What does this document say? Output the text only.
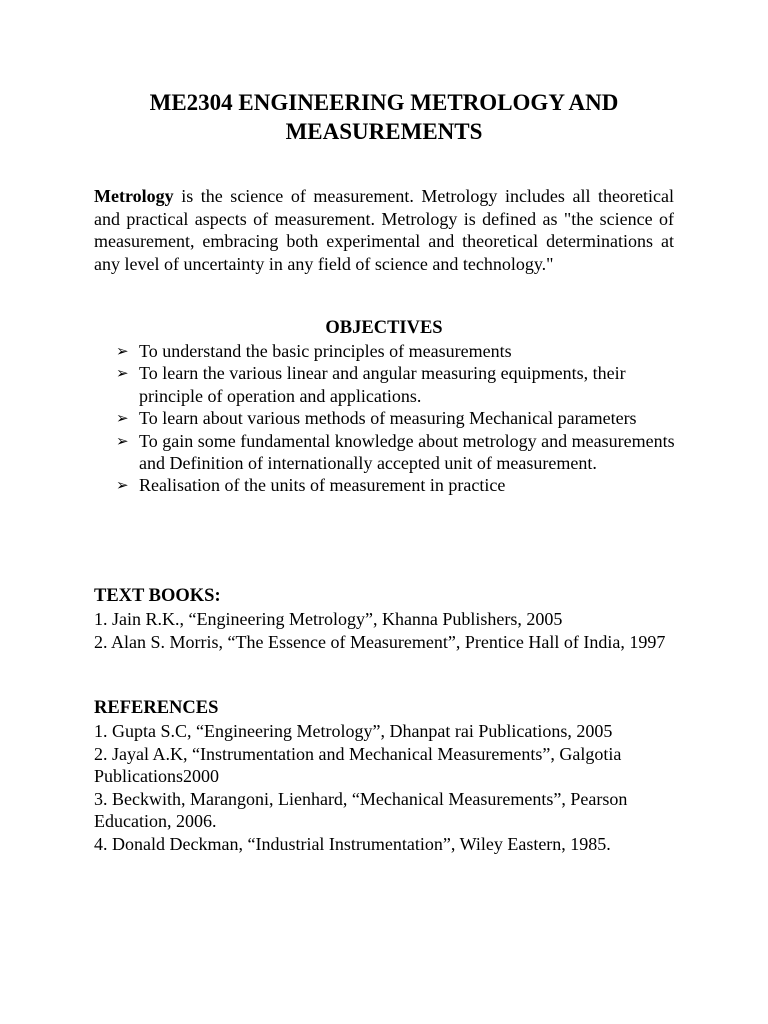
ME2304 ENGINEERING METROLOGY AND
MEASUREMENTS

Metrology is the science of measurement. Metrology includes all theoretical and practical aspects of measurement. Metrology is defined as "the science of measurement, embracing both experimental and theoretical determinations at any level of uncertainty in any field of science and technology."

OBJECTIVES
➢ To understand the basic principles of measurements
➢ To learn the various linear and angular measuring equipments, their principle of operation and applications.
➢ To learn about various methods of measuring Mechanical parameters
➢ To gain some fundamental knowledge about metrology and measurements and Definition of internationally accepted unit of measurement.
➢ Realisation of the units of measurement in practice
TEXT BOOKS:
1. Jain R.K., “Engineering Metrology”, Khanna Publishers, 2005
2. Alan S. Morris, “The Essence of Measurement”, Prentice Hall of India, 1997
REFERENCES
1. Gupta S.C, “Engineering Metrology”, Dhanpat rai Publications, 2005
2. Jayal A.K, “Instrumentation and Mechanical Measurements”, Galgotia Publications2000
3. Beckwith, Marangoni, Lienhard, “Mechanical Measurements”, Pearson Education, 2006.
4. Donald Deckman, “Industrial Instrumentation”, Wiley Eastern, 1985.
